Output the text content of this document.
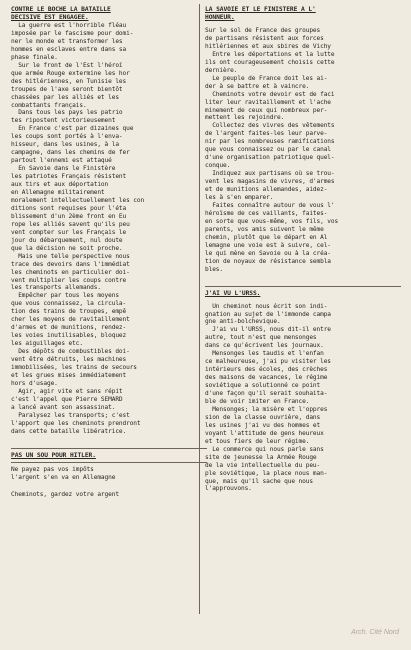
CONTRE LE BOCHE LA BATAILLE
DECISIVE EST ENGAGEE.
La guerre est l'horrible fléau
imposée par le fascisme pour domi-
ner le monde et transformer les
hommes en esclaves entre dans sa
phase finale.
Sur le front de l'Est l'héroï
que armée Rouge extermine les hor
des hitlériennes, en Tunisie les
troupes de l'axe seront bientôt
chassées par les alliés et les
combattants français.
Dans tous les pays les patrio
tes ripostent victorieusement
En France c'est par dizaines que
les coups sont portés à l'enva-
hisseur, dans les usines, à la
campagne, dans les chemins de fer
partout l'ennemi est attaqué
En Savoie dans le Finistère
les patriotes Français résistent
aux tirs et aux déportation
en Allemagne militairement
moralement intellectuellement les con
ditions sont requises pour l'éta
blissement d'un 2ème front en Eu
rope les alliés savent qu'ils peu
vent compter sur les Français le
jour du débarquement, nul doute
que la décision ne soit proche.
Mais une telle perspective nous
trace des devoirs dans l'immédiat
les cheminots en particulier doi-
vent multiplier les coups contre
les transports allemands.
Empêcher par tous les moyens
que vous connaissez, la circula-
tion des trains de troupes, empê
cher les moyens de ravitaillement
d'armes et de munitions, rendez-
les voies inutilisables, bloquez
les aiguillages etc.
Des dépôts de combustibles doi-
vent être détruits, les machines
immobilisées, les trains de secours
et les grues mises immédiatement
hors d'usage.
Agir, agir vite et sans répit
c'est l'appel que Pierre SEMARD
a lancé avant son assassinat.
Paralysez les transports; c'est
l'apport que les cheminots prendront
dans cette bataille libératrice.
PAS UN SOU POUR HITLER.
Ne payez pas vos impôts
l'argent s'en va en Allemagne
Cheminots, gardez votre argent
LA SAVOIE ET LE FINISTERE A L'
HONNEUR.
Sur le sol de France des groupes
de partisans résistent aux forces
hitlériennes et aux sbires de Vichy
Entre les déportations et la lutte
ils ont courageusement choisis cette
dernière.
Le peuple de France doit les ai-
der à se battre et à vaincre.
Cheminots votre devoir est de faci
liter leur ravitaillement et l'ache
minement de ceux qui nombreux per-
mettent les rejoindre.
Collectez des vivres des vêtements
de l'argent faites-les leur parve-
nir par les nombreuses ramifications
que vous connaissez ou par le canal
d'une organisation patriotique quel-
conque.
Indiquez aux partisans où se trou-
vent les magasins de vivres, d'armes
et de munitions allemandes, aidez-
les à s'en emparer.
Faites connaître autour de vous l'
héroïsme de ces vaillants, faites-
en sorte que vous-même, vos fils, vos
parents, vos amis suivent le même
chemin, plutôt que le départ en Al
lemagne une voie est à suivre, cel-
le qui mène en Savoie ou à la créa-
tion de noyaux de résistance sembla
bles.
J'AI VU L'URSS.
Un cheminot nous écrit son indi-
gnation au sujet de l'immonde campa
gne anti-bolchevique.
J'ai vu l'URSS, nous dit-il entre
autre, tout n'est que mensonges
dans ce qu'écrivent les journaux.
Mensonges les taudis et l'enfan
ce malheureuse, j'ai pu visiter les
intérieurs des écoles, des crèches
des maisons de vacances, le régime
soviétique a solutionné ce point
d'une façon qu'il serait souhaita-
ble de voir imiter en France.
Mensonges; la misère et l'oppres
sion de la classe ouvrière, dans
les usines j'ai vu des hommes et
voyant l'attitude de gens heureux
et tous fiers de leur régime.
Le commerce qui nous parle sans
site de jeunesse la Armée Rouge
de la vie intellectuelle du peu-
ple soviétique, la place nous man-
que, mais qu'il sache que nous
l'approuvons.
Arch. Cité Nord
